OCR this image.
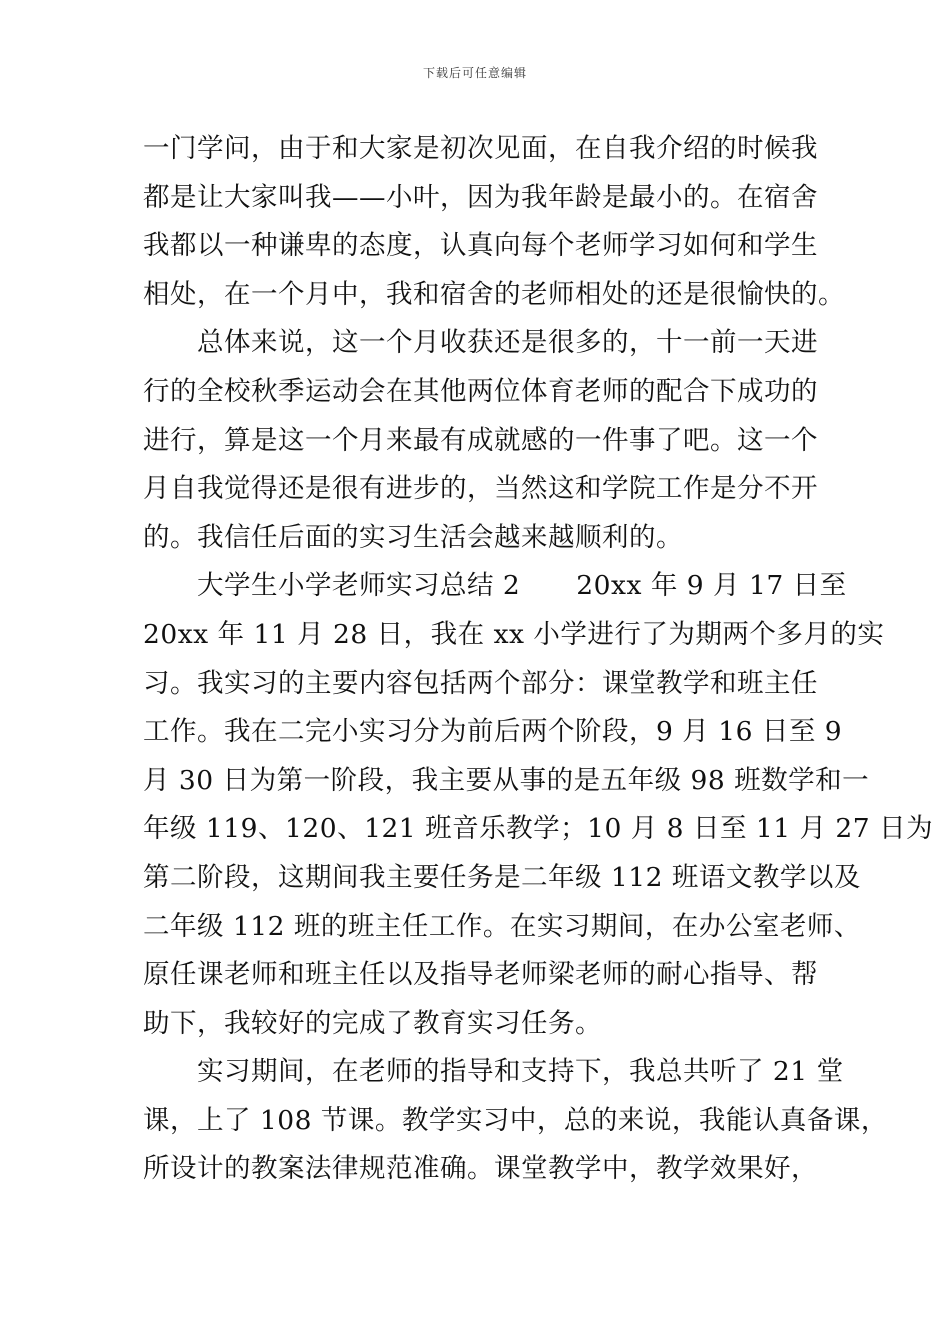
下载后可任意编辑
一门学问，由于和大家是初次见面，在自我介绍的时候我
都是让大家叫我——小叶，因为我年龄是最小的。在宿舍
我都以一种谦卑的态度，认真向每个老师学习如何和学生
相处，在一个月中，我和宿舍的老师相处的还是很愉快的。
总体来说，这一个月收获还是很多的，十一前一天进
行的全校秋季运动会在其他两位体育老师的配合下成功的
进行，算是这一个月来最有成就感的一件事了吧。这一个
月自我觉得还是很有进步的，当然这和学院工作是分不开
的。我信任后面的实习生活会越来越顺利的。
大学生小学老师实习总结 2 20xx 年 9 月 17 日至
20xx 年 11 月 28 日，我在 xx 小学进行了为期两个多月的实
习。我实习的主要内容包括两个部分：课堂教学和班主任
工作。我在二完小实习分为前后两个阶段，9 月 16 日至 9
月 30 日为第一阶段，我主要从事的是五年级 98 班数学和一
年级 119、120、121 班音乐教学；10 月 8 日至 11 月 27 日为
第二阶段，这期间我主要任务是二年级 112 班语文教学以及
二年级 112 班的班主任工作。在实习期间，在办公室老师、
原任课老师和班主任以及指导老师梁老师的耐心指导、帮
助下，我较好的完成了教育实习任务。
实习期间，在老师的指导和支持下，我总共听了 21 堂
课，上了 108 节课。教学实习中，总的来说，我能认真备课，
所设计的教案法律规范准确。课堂教学中，教学效果好，
